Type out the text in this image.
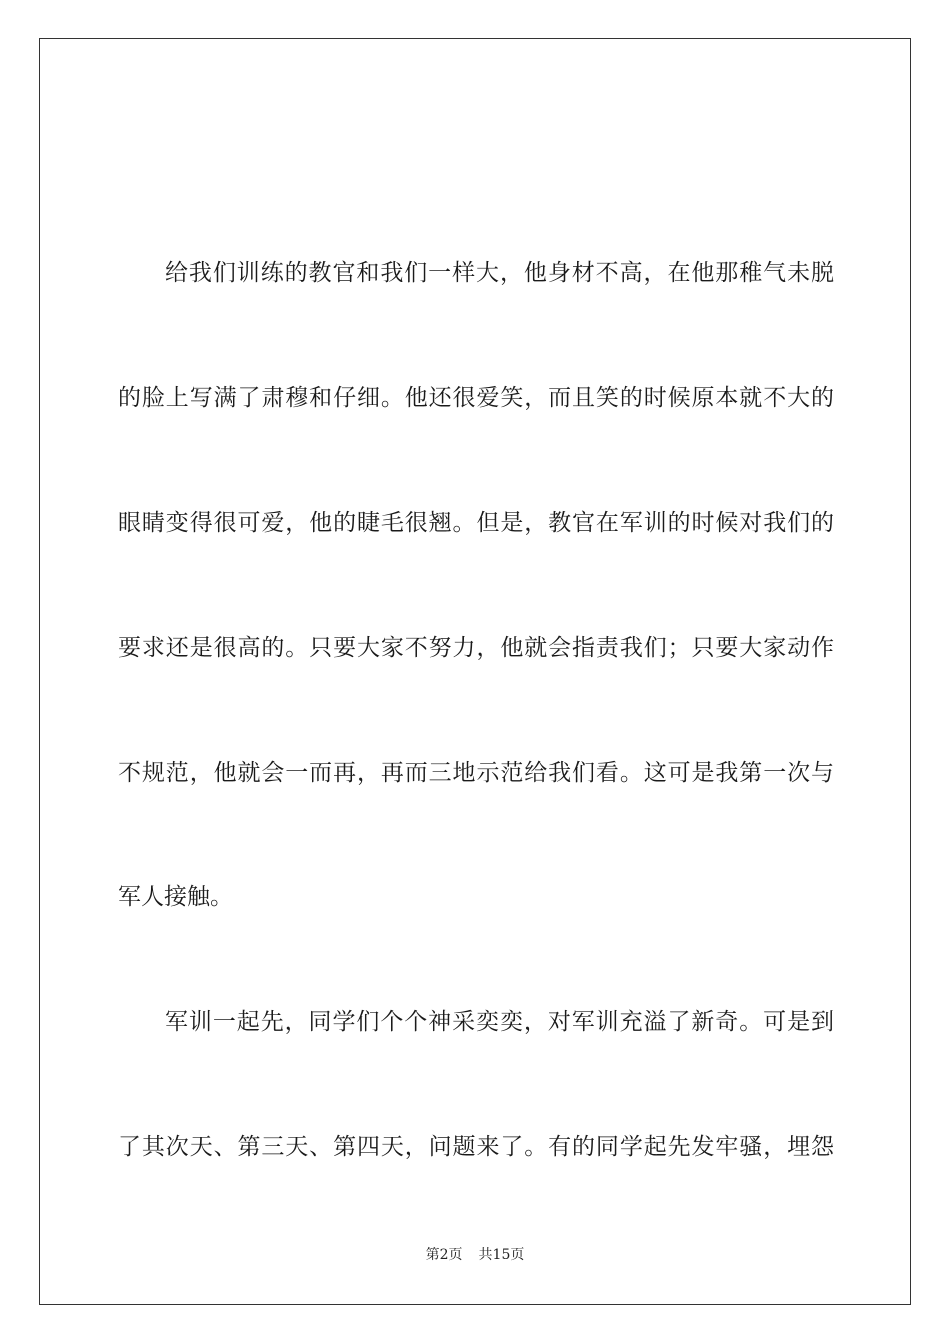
给我们训练的教官和我们一样大，他身材不高，在他那稚气未脱
的脸上写满了肃穆和仔细。他还很爱笑，而且笑的时候原本就不大的
眼睛变得很可爱，他的睫毛很翘。但是，教官在军训的时候对我们的
要求还是很高的。只要大家不努力，他就会指责我们；只要大家动作
不规范，他就会一而再，再而三地示范给我们看。这可是我第一次与
军人接触。
军训一起先，同学们个个神采奕奕，对军训充溢了新奇。可是到
了其次天、第三天、第四天，问题来了。有的同学起先发牢骚，埋怨
第2页 共15页
